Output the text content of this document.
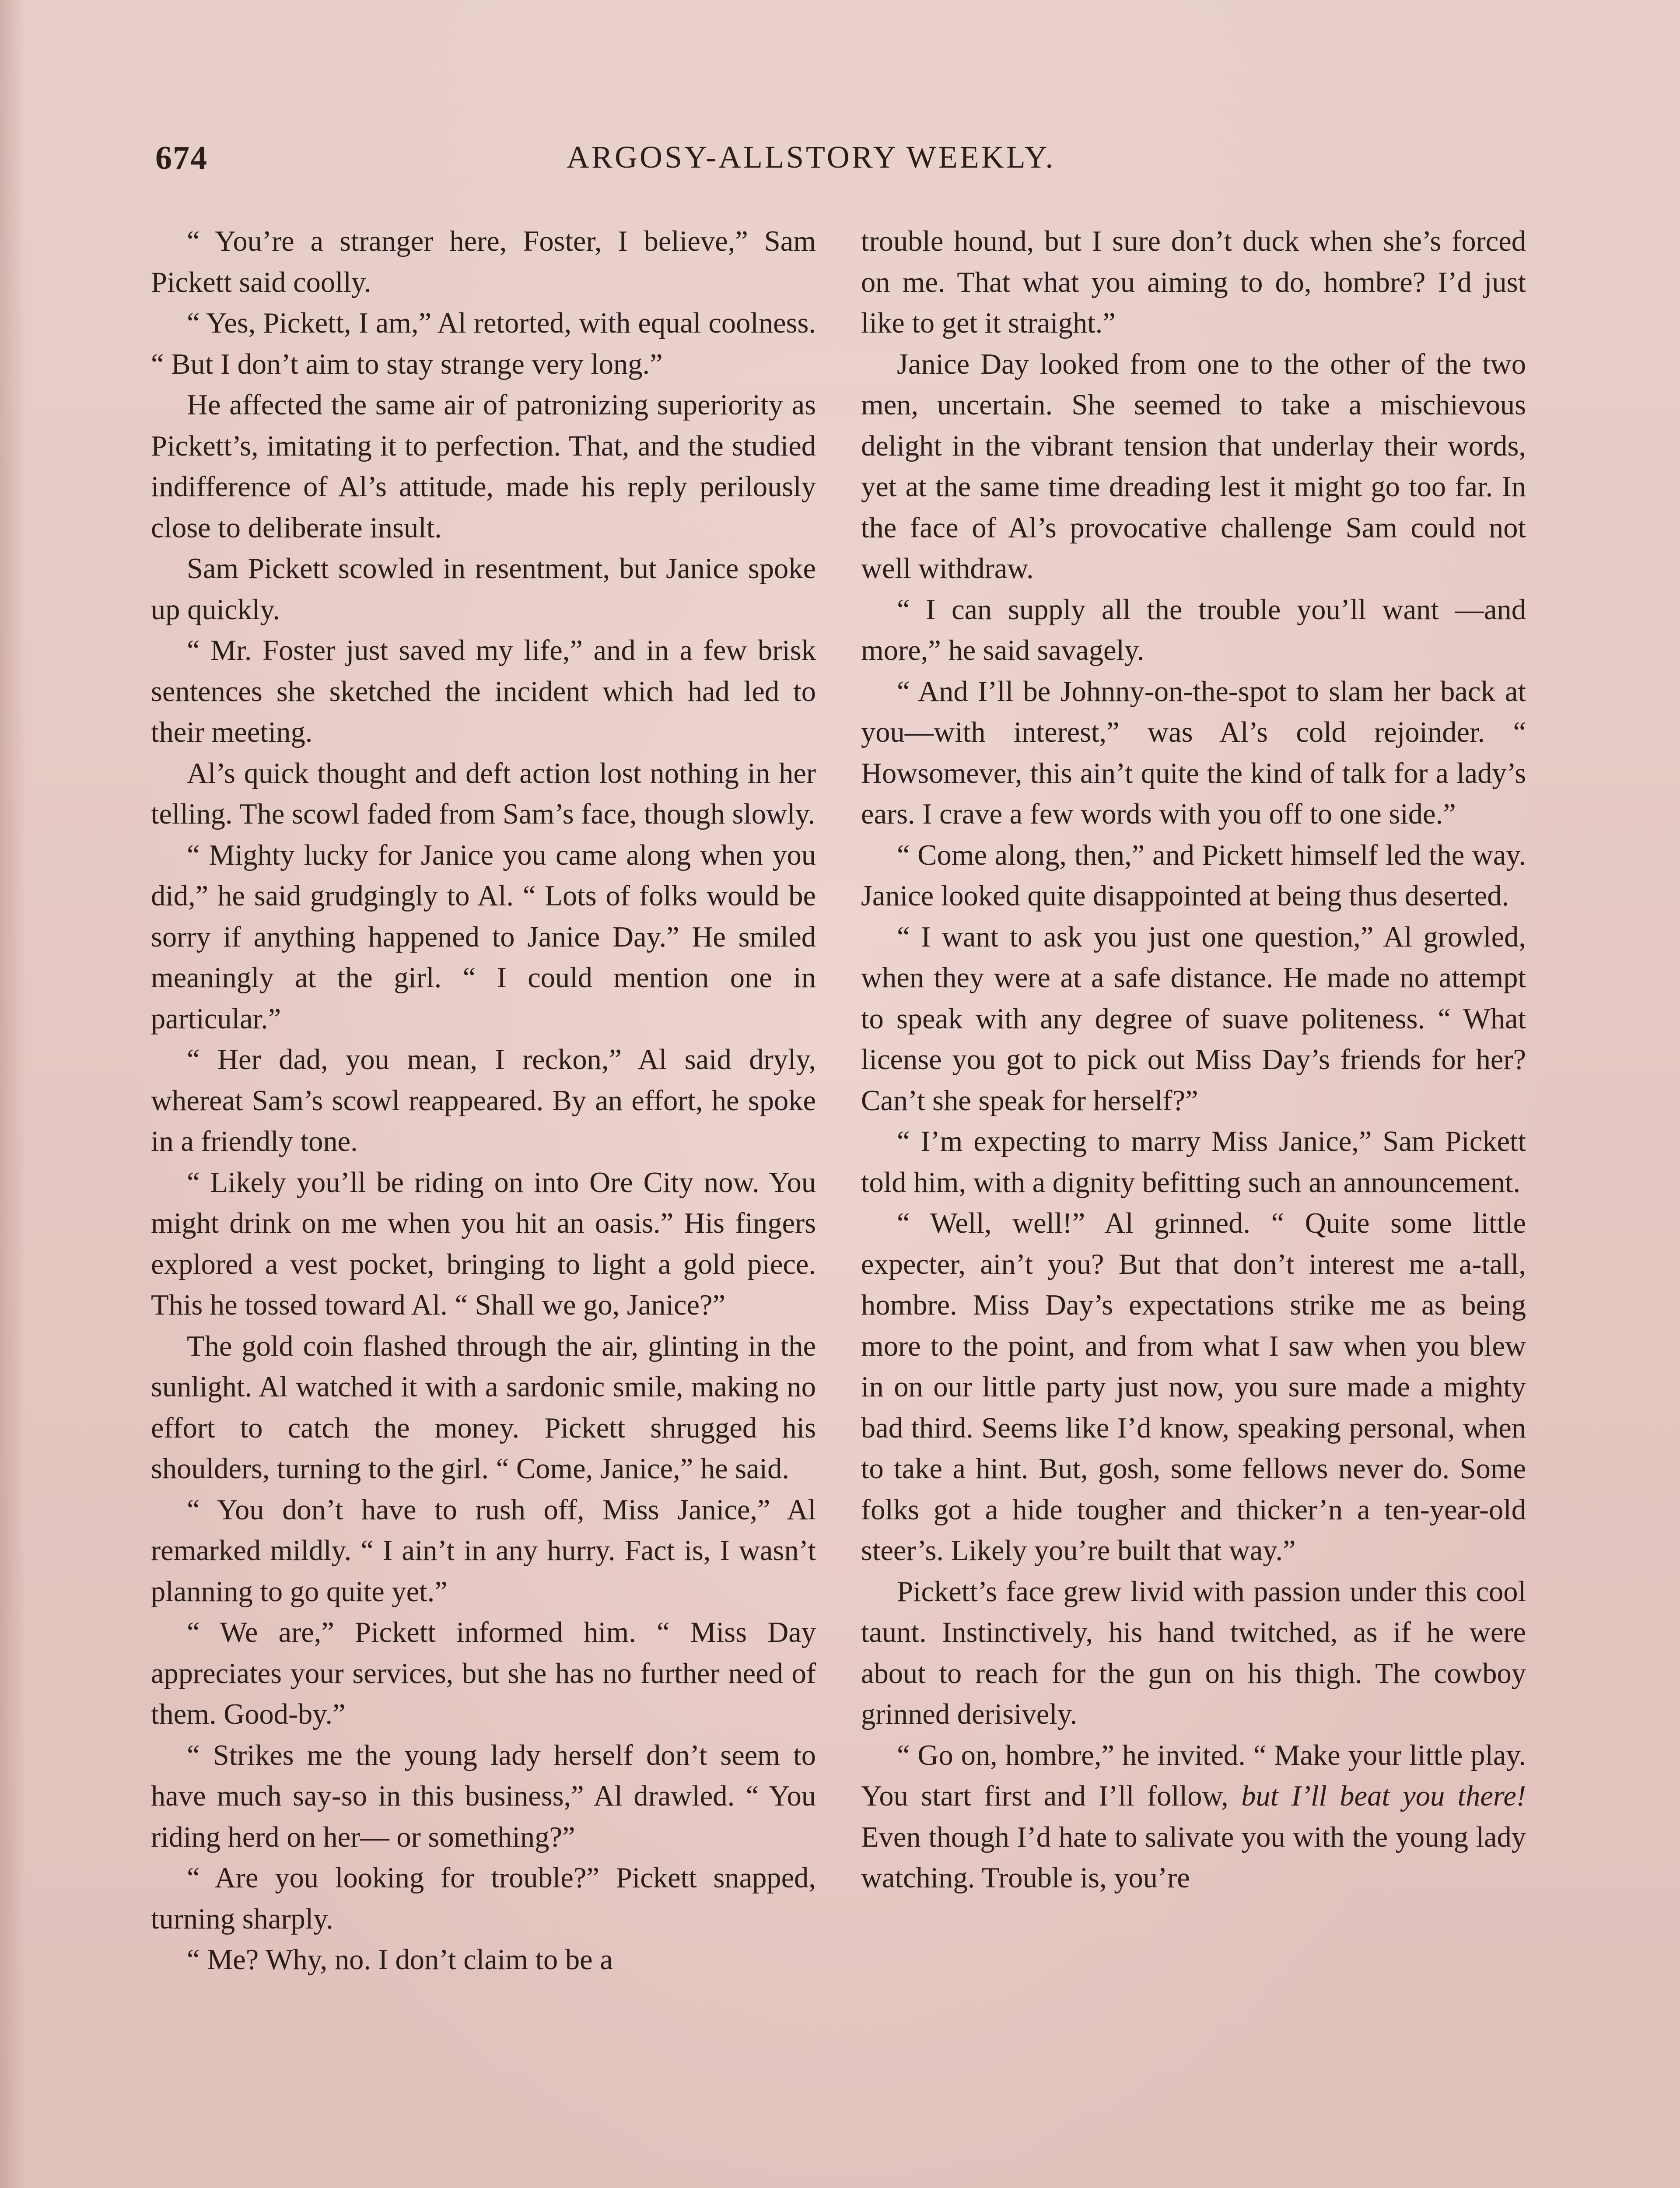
674	ARGOSY-ALLSTORY WEEKLY.

“ You’re a stranger here, Foster, I believe,” Sam Pickett said coolly.

“ Yes, Pickett, I am,” Al retorted, with equal coolness. “ But I don’t aim to stay strange very long.”

He affected the same air of patronizing superiority as Pickett’s, imitating it to perfection. That, and the studied indifference of Al’s attitude, made his reply perilously close to deliberate insult.

Sam Pickett scowled in resentment, but Janice spoke up quickly.

“ Mr. Foster just saved my life,” and in a few brisk sentences she sketched the incident which had led to their meeting.

Al’s quick thought and deft action lost nothing in her telling. The scowl faded from Sam’s face, though slowly.

“ Mighty lucky for Janice you came along when you did,” he said grudgingly to Al. “ Lots of folks would be sorry if anything happened to Janice Day.” He smiled meaningly at the girl. “ I could mention one in particular.”

“ Her dad, you mean, I reckon,” Al said dryly, whereat Sam’s scowl reappeared. By an effort, he spoke in a friendly tone.

“ Likely you’ll be riding on into Ore City now. You might drink on me when you hit an oasis.” His fingers explored a vest pocket, bringing to light a gold piece. This he tossed toward Al. “ Shall we go, Janice?”

The gold coin flashed through the air, glinting in the sunlight. Al watched it with a sardonic smile, making no effort to catch the money. Pickett shrugged his shoulders, turning to the girl. “ Come, Janice,” he said.

“ You don’t have to rush off, Miss Janice,” Al remarked mildly. “ I ain’t in any hurry. Fact is, I wasn’t planning to go quite yet.”

“ We are,” Pickett informed him. “ Miss Day appreciates your services, but she has no further need of them. Good-by.”

“ Strikes me the young lady herself don’t seem to have much say-so in this business,” Al drawled. “ You riding herd on her— or something?”

“ Are you looking for trouble?” Pickett snapped, turning sharply.

“ Me? Why, no. I don’t claim to be a

trouble hound, but I sure don’t duck when she’s forced on me. That what you aiming to do, hombre? I’d just like to get it straight.”

Janice Day looked from one to the other of the two men, uncertain. She seemed to take a mischievous delight in the vibrant tension that underlay their words, yet at the same time dreading lest it might go too far. In the face of Al’s provocative challenge Sam could not well withdraw.

“ I can supply all the trouble you’ll want —and more,” he said savagely.

“ And I’ll be Johnny-on-the-spot to slam her back at you—with interest,” was Al’s cold rejoinder. “ Howsomever, this ain’t quite the kind of talk for a lady’s ears. I crave a few words with you off to one side.”

“ Come along, then,” and Pickett himself led the way. Janice looked quite disappointed at being thus deserted.

“ I want to ask you just one question,” Al growled, when they were at a safe distance. He made no attempt to speak with any degree of suave politeness. “ What license you got to pick out Miss Day’s friends for her? Can’t she speak for herself?”

“ I’m expecting to marry Miss Janice,” Sam Pickett told him, with a dignity befitting such an announcement.

“ Well, well!” Al grinned. “ Quite some little expecter, ain’t you? But that don’t interest me a-tall, hombre. Miss Day’s expectations strike me as being more to the point, and from what I saw when you blew in on our little party just now, you sure made a mighty bad third. Seems like I’d know, speaking personal, when to take a hint. But, gosh, some fellows never do. Some folks got a hide tougher and thicker’n a ten-year-old steer’s. Likely you’re built that way.”

Pickett’s face grew livid with passion under this cool taunt. Instinctively, his hand twitched, as if he were about to reach for the gun on his thigh. The cowboy grinned derisively.

“ Go on, hombre,” he invited. “ Make your little play. You start first and I’ll follow, but I’ll beat you there! Even though I’d hate to salivate you with the young lady watching. Trouble is, you’re
